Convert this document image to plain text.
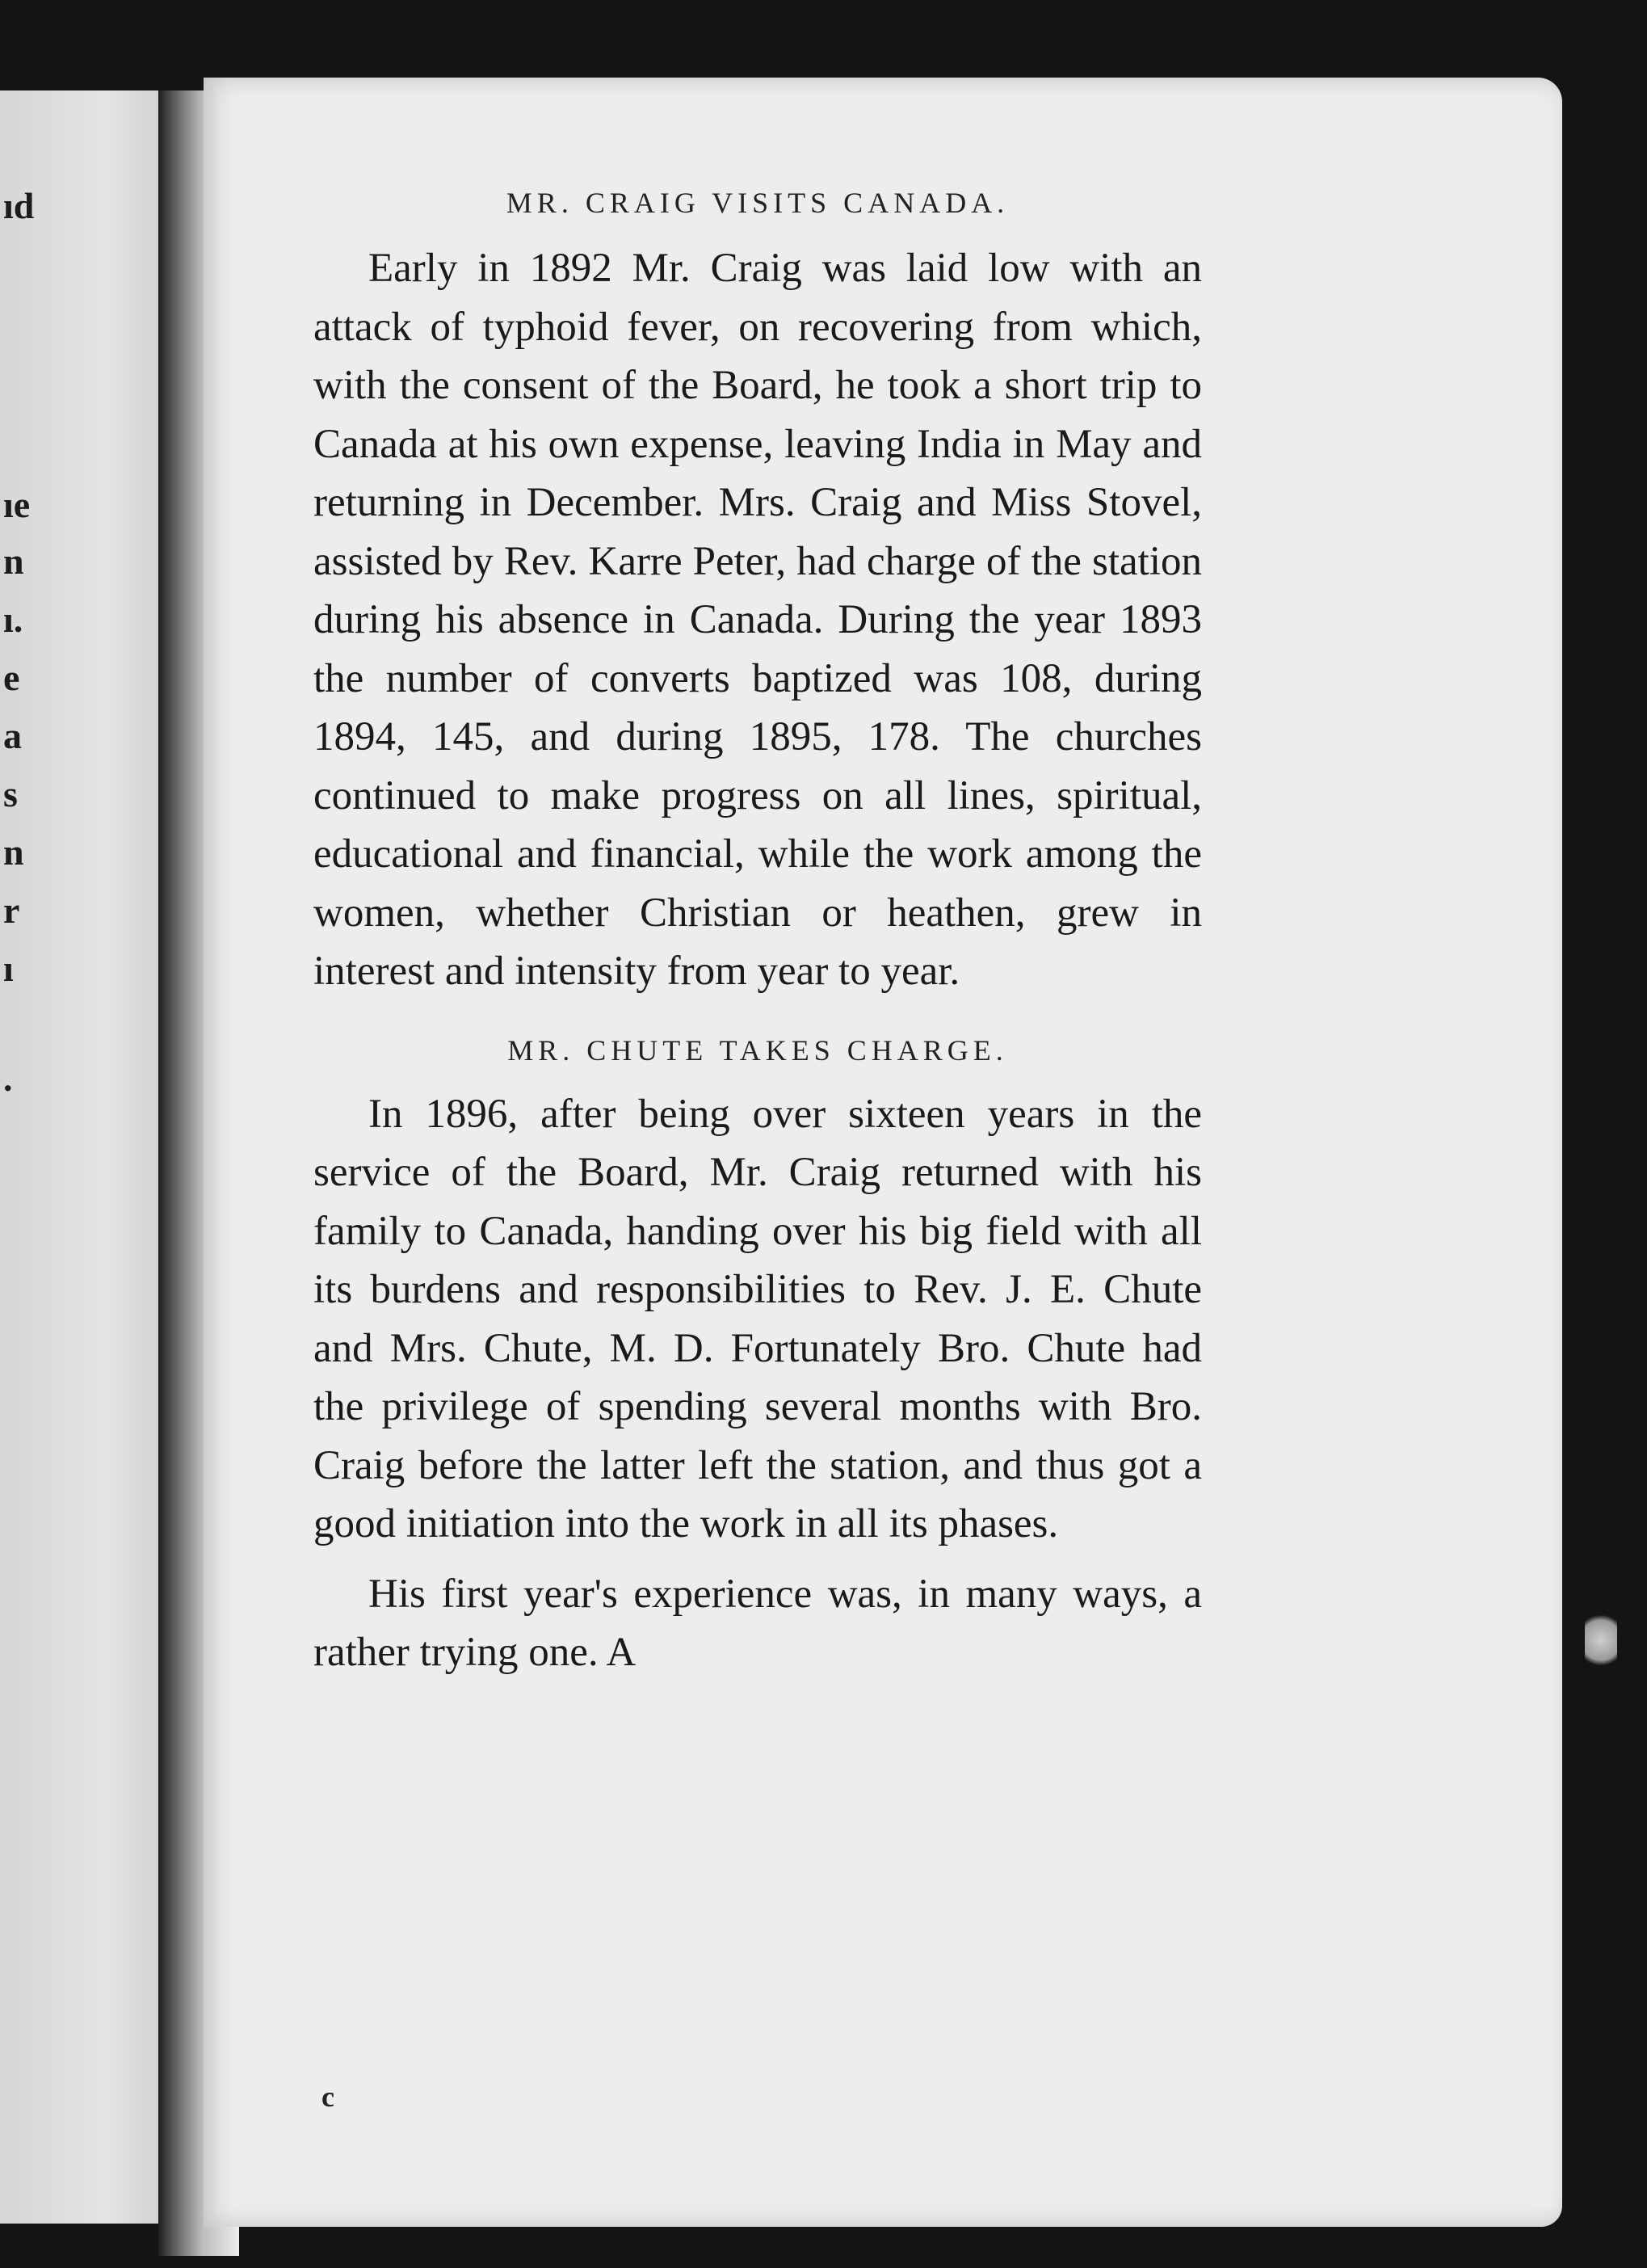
ıd
ıe
n
ı.
e
a
s
n
r
ı
.
MR. CRAIG VISITS CANADA.

Early in 1892 Mr. Craig was laid low with an attack of typhoid fever, on recovering from which, with the consent of the Board, he took a short trip to Canada at his own expense, leaving India in May and returning in December. Mrs. Craig and Miss Stovel, assisted by Rev. Karre Peter, had charge of the station during his absence in Canada. During the year 1893 the number of converts baptized was 108, during 1894, 145, and during 1895, 178. The churches continued to make progress on all lines, spiritual, educational and financial, while the work among the women, whether Christian or heathen, grew in interest and intensity from year to year.

MR. CHUTE TAKES CHARGE.

In 1896, after being over sixteen years in the service of the Board, Mr. Craig returned with his family to Canada, handing over his big field with all its burdens and responsibilities to Rev. J. E. Chute and Mrs. Chute, M. D. Fortunately Bro. Chute had the privilege of spending several months with Bro. Craig before the latter left the station, and thus got a good initiation into the work in all its phases.

His first year's experience was, in many ways, a rather trying one. A

c
